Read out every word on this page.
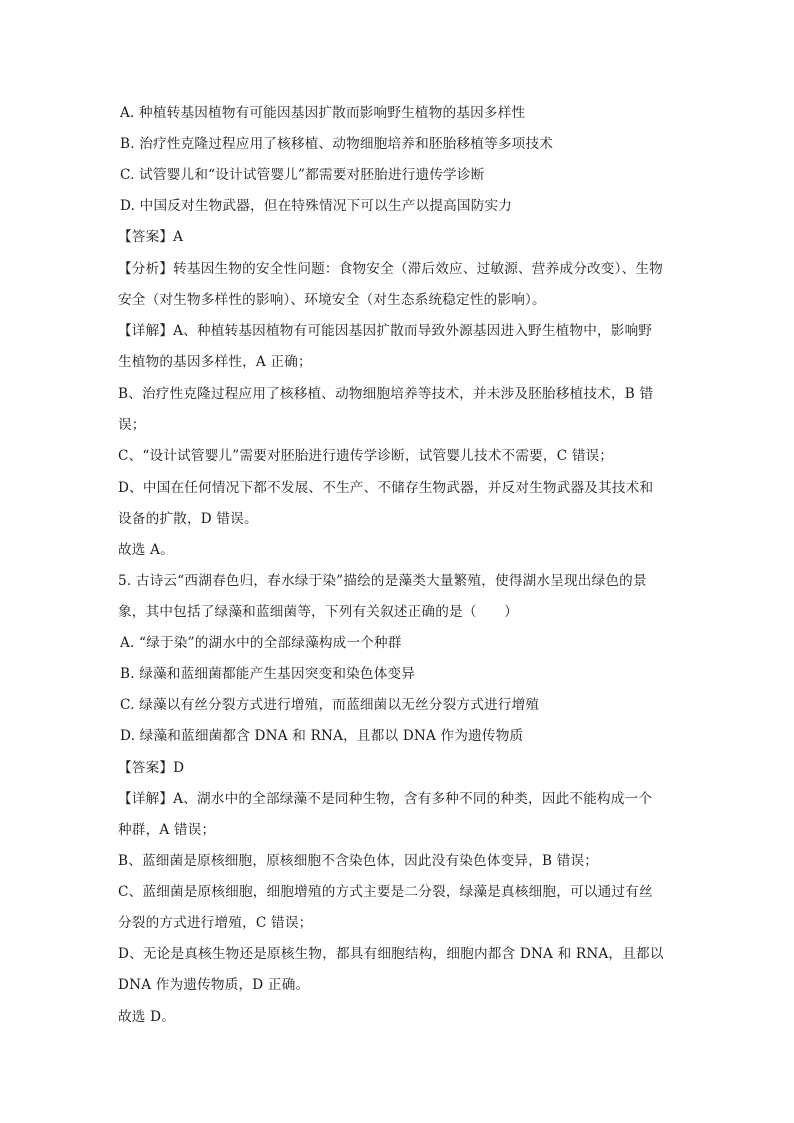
A. 种植转基因植物有可能因基因扩散而影响野生植物的基因多样性
B. 治疗性克隆过程应用了核移植、动物细胞培养和胚胎移植等多项技术
C. 试管婴儿和“设计试管婴儿”都需要对胚胎进行遗传学诊断
D. 中国反对生物武器，但在特殊情况下可以生产以提高国防实力
【答案】A
【分析】转基因生物的安全性问题：食物安全（滞后效应、过敏源、营养成分改变）、生物
安全（对生物多样性的影响）、环境安全（对生态系统稳定性的影响）。
【详解】A、种植转基因植物有可能因基因扩散而导致外源基因进入野生植物中，影响野
生植物的基因多样性，A 正确；
B、治疗性克隆过程应用了核移植、动物细胞培养等技术，并未涉及胚胎移植技术，B 错
误；
C、“设计试管婴儿”需要对胚胎进行遗传学诊断，试管婴儿技术不需要，C 错误；
D、中国在任何情况下都不发展、不生产、不储存生物武器，并反对生物武器及其技术和
设备的扩散，D 错误。
故选 A。
5. 古诗云“西湖春色归，春水绿于染”描绘的是藻类大量繁殖，使得湖水呈现出绿色的景
象，其中包括了绿藻和蓝细菌等，下列有关叙述正确的是（　　）
A. “绿于染”的湖水中的全部绿藻构成一个种群
B. 绿藻和蓝细菌都能产生基因突变和染色体变异
C. 绿藻以有丝分裂方式进行增殖，而蓝细菌以无丝分裂方式进行增殖
D. 绿藻和蓝细菌都含 DNA 和 RNA，且都以 DNA 作为遗传物质
【答案】D
【详解】A、湖水中的全部绿藻不是同种生物，含有多种不同的种类，因此不能构成一个
种群，A 错误；
B、蓝细菌是原核细胞，原核细胞不含染色体，因此没有染色体变异，B 错误；
C、蓝细菌是原核细胞，细胞增殖的方式主要是二分裂，绿藻是真核细胞，可以通过有丝
分裂的方式进行增殖，C 错误；
D、无论是真核生物还是原核生物，都具有细胞结构，细胞内都含 DNA 和 RNA，且都以
DNA 作为遗传物质，D 正确。
故选 D。
